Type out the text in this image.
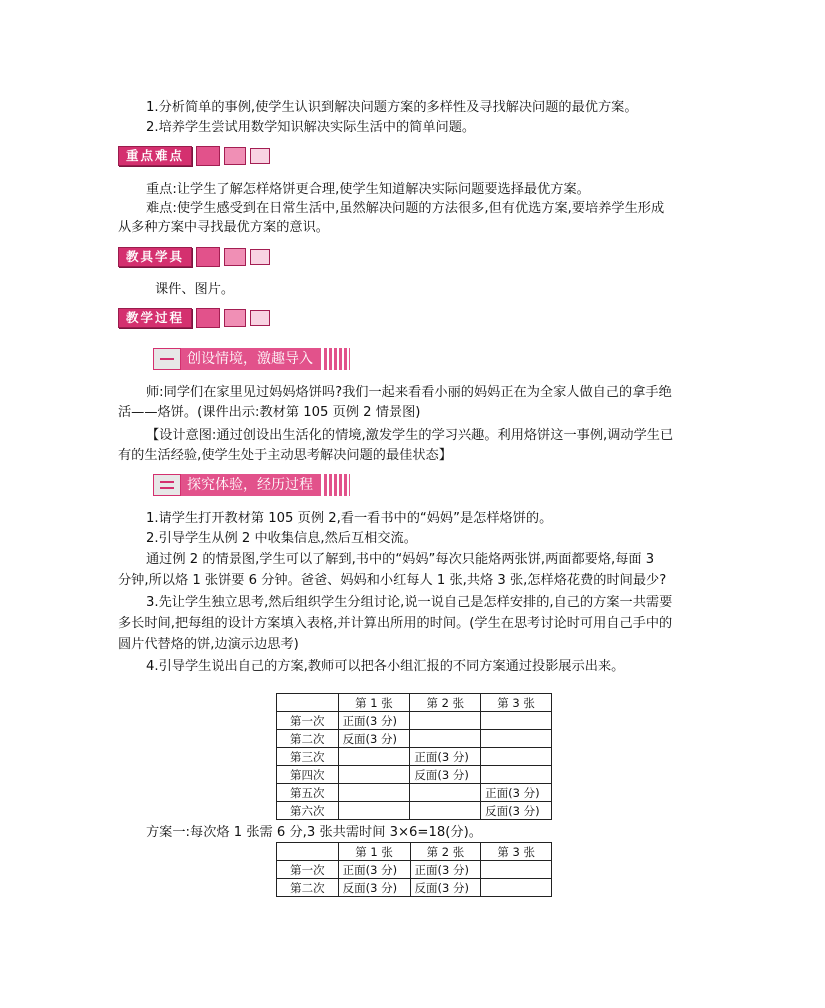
1.分析简单的事例,使学生认识到解决问题方案的多样性及寻找解决问题的最优方案。

2.培养学生尝试用数学知识解决实际生活中的简单问题。

重点难点

重点:让学生了解怎样烙饼更合理,使学生知道解决实际问题要选择最优方案。

难点:使学生感受到在日常生活中,虽然解决问题的方法很多,但有优选方案,要培养学生形成

从多种方案中寻找最优方案的意识。

教具学具

课件、图片。

教学过程
创设情境，激趣导入

师:同学们在家里见过妈妈烙饼吗?我们一起来看看小丽的妈妈正在为全家人做自己的拿手绝

活——烙饼。(课件出示:教材第 105 页例 2 情景图)

【设计意图:通过创设出生活化的情境,激发学生的学习兴趣。利用烙饼这一事例,调动学生已

有的生活经验,使学生处于主动思考解决问题的最佳状态】

探究体验，经历过程

1.请学生打开教材第 105 页例 2,看一看书中的“妈妈”是怎样烙饼的。

2.引导学生从例 2 中收集信息,然后互相交流。

通过例 2 的情景图,学生可以了解到,书中的“妈妈”每次只能烙两张饼,两面都要烙,每面 3

分钟,所以烙 1 张饼要 6 分钟。爸爸、妈妈和小红每人 1 张,共烙 3 张,怎样烙花费的时间最少?

3.先让学生独立思考,然后组织学生分组讨论,说一说自己是怎样安排的,自己的方案一共需要

多长时间,把每组的设计方案填入表格,并计算出所用的时间。(学生在思考讨论时可用自己手中的

圆片代替烙的饼,边演示边思考)

4.引导学生说出自己的方案,教师可以把各小组汇报的不同方案通过投影展示出来。

	第 1 张	第 2 张	第 3 张
第一次	正面(3 分)		
第二次	反面(3 分)		
第三次		正面(3 分)	
第四次		反面(3 分)	
第五次			正面(3 分)
第六次			反面(3 分)

方案一:每次烙 1 张需 6 分,3 张共需时间 3×6=18(分)。

	第 1 张	第 2 张	第 3 张
第一次	正面(3 分)	正面(3 分)	
第二次	反面(3 分)	反面(3 分)	
